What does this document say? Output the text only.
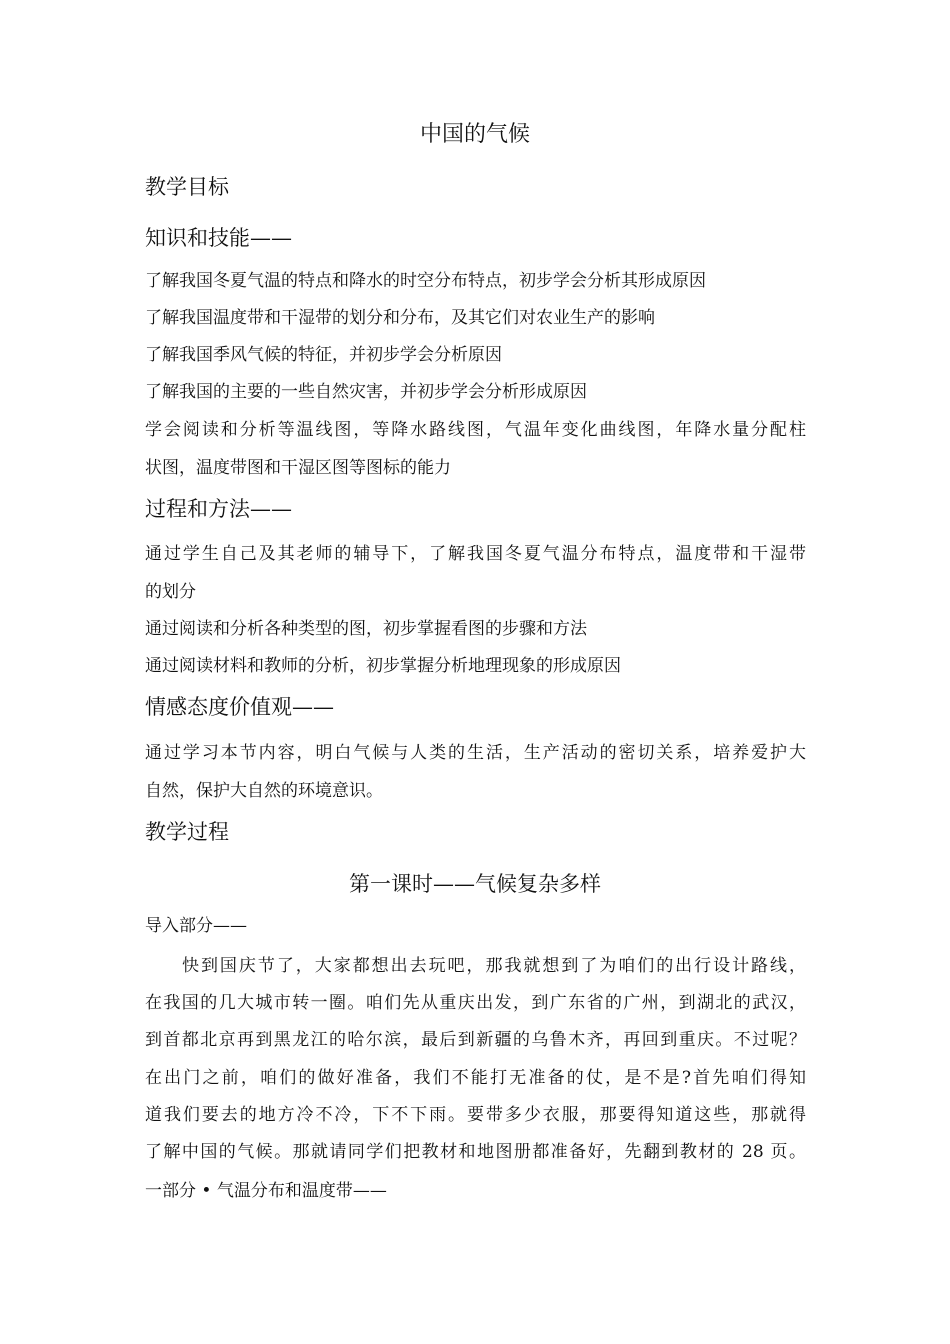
中国的气候
教学目标
知识和技能——
了解我国冬夏气温的特点和降水的时空分布特点，初步学会分析其形成原因
了解我国温度带和干湿带的划分和分布，及其它们对农业生产的影响
了解我国季风气候的特征，并初步学会分析原因
了解我国的主要的一些自然灾害，并初步学会分析形成原因
学会阅读和分析等温线图，等降水路线图，气温年变化曲线图，年降水量分配柱
状图，温度带图和干湿区图等图标的能力
过程和方法——
通过学生自己及其老师的辅导下，了解我国冬夏气温分布特点，温度带和干湿带
的划分
通过阅读和分析各种类型的图，初步掌握看图的步骤和方法
通过阅读材料和教师的分析，初步掌握分析地理现象的形成原因
情感态度价值观——
通过学习本节内容，明白气候与人类的生活，生产活动的密切关系，培养爱护大
自然，保护大自然的环境意识。
教学过程
第一课时——气候复杂多样
导入部分——
快到国庆节了，大家都想出去玩吧，那我就想到了为咱们的出行设计路线，
在我国的几大城市转一圈。咱们先从重庆出发，到广东省的广州，到湖北的武汉，
到首都北京再到黑龙江的哈尔滨，最后到新疆的乌鲁木齐，再回到重庆。不过呢？
在出门之前，咱们的做好准备，我们不能打无准备的仗，是不是?首先咱们得知
道我们要去的地方冷不冷，下不下雨。要带多少衣服，那要得知道这些，那就得
了解中国的气候。那就请同学们把教材和地图册都准备好，先翻到教材的 28 页。
一部分 • 气温分布和温度带——
